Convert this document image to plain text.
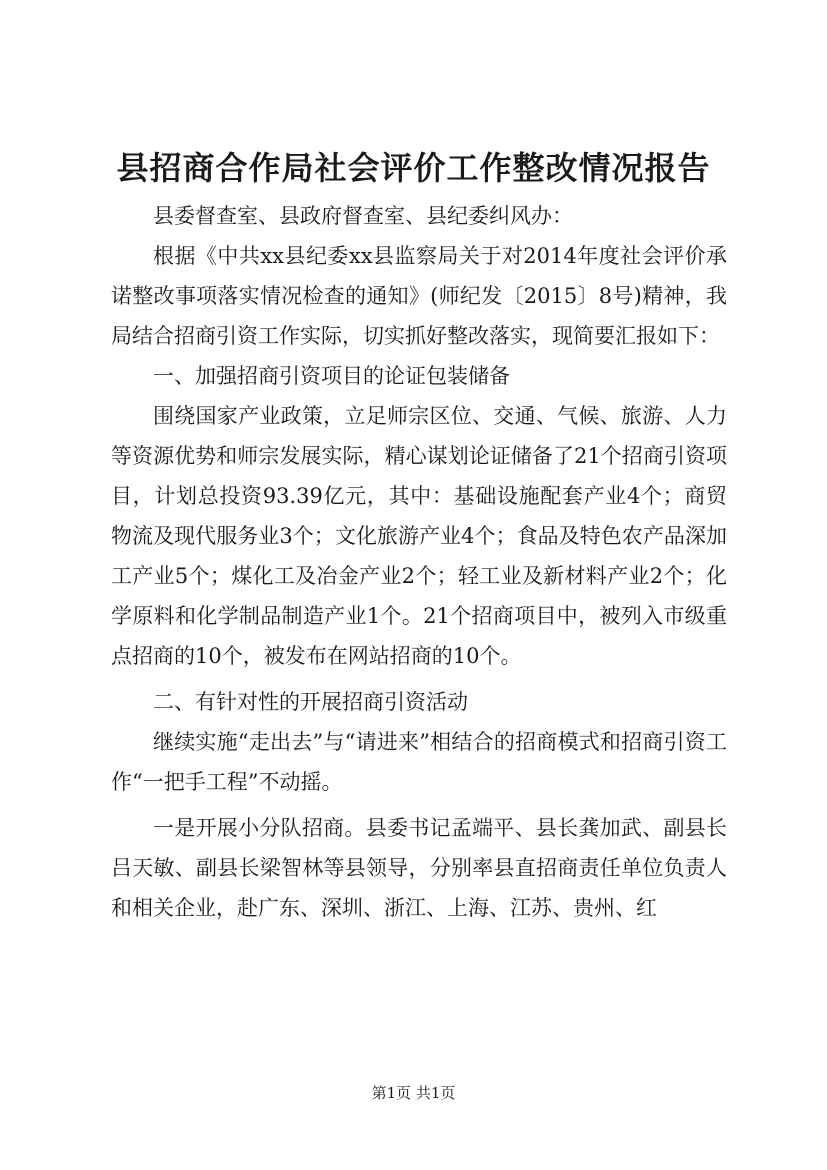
县招商合作局社会评价工作整改情况报告

县委督查室、县政府督查室、县纪委纠风办：

根据《中共xx县纪委xx县监察局关于对2014年度社会评价承诺整改事项落实情况检查的通知》(师纪发〔2015〕8号)精神，我局结合招商引资工作实际，切实抓好整改落实，现简要汇报如下：

一、加强招商引资项目的论证包装储备

围绕国家产业政策，立足师宗区位、交通、气候、旅游、人力等资源优势和师宗发展实际，精心谋划论证储备了21个招商引资项目，计划总投资93.39亿元，其中：基础设施配套产业4个；商贸物流及现代服务业3个；文化旅游产业4个；食品及特色农产品深加工产业5个；煤化工及冶金产业2个；轻工业及新材料产业2个；化学原料和化学制品制造产业1个。21个招商项目中，被列入市级重点招商的10个，被发布在网站招商的10个。

二、有针对性的开展招商引资活动

继续实施“走出去”与“请进来”相结合的招商模式和招商引资工作“一把手工程”不动摇。

一是开展小分队招商。县委书记孟端平、县长龚加武、副县长吕天敏、副县长梁智林等县领导，分别率县直招商责任单位负责人和相关企业，赴广东、深圳、浙江、上海、江苏、贵州、红

第1页 共1页
